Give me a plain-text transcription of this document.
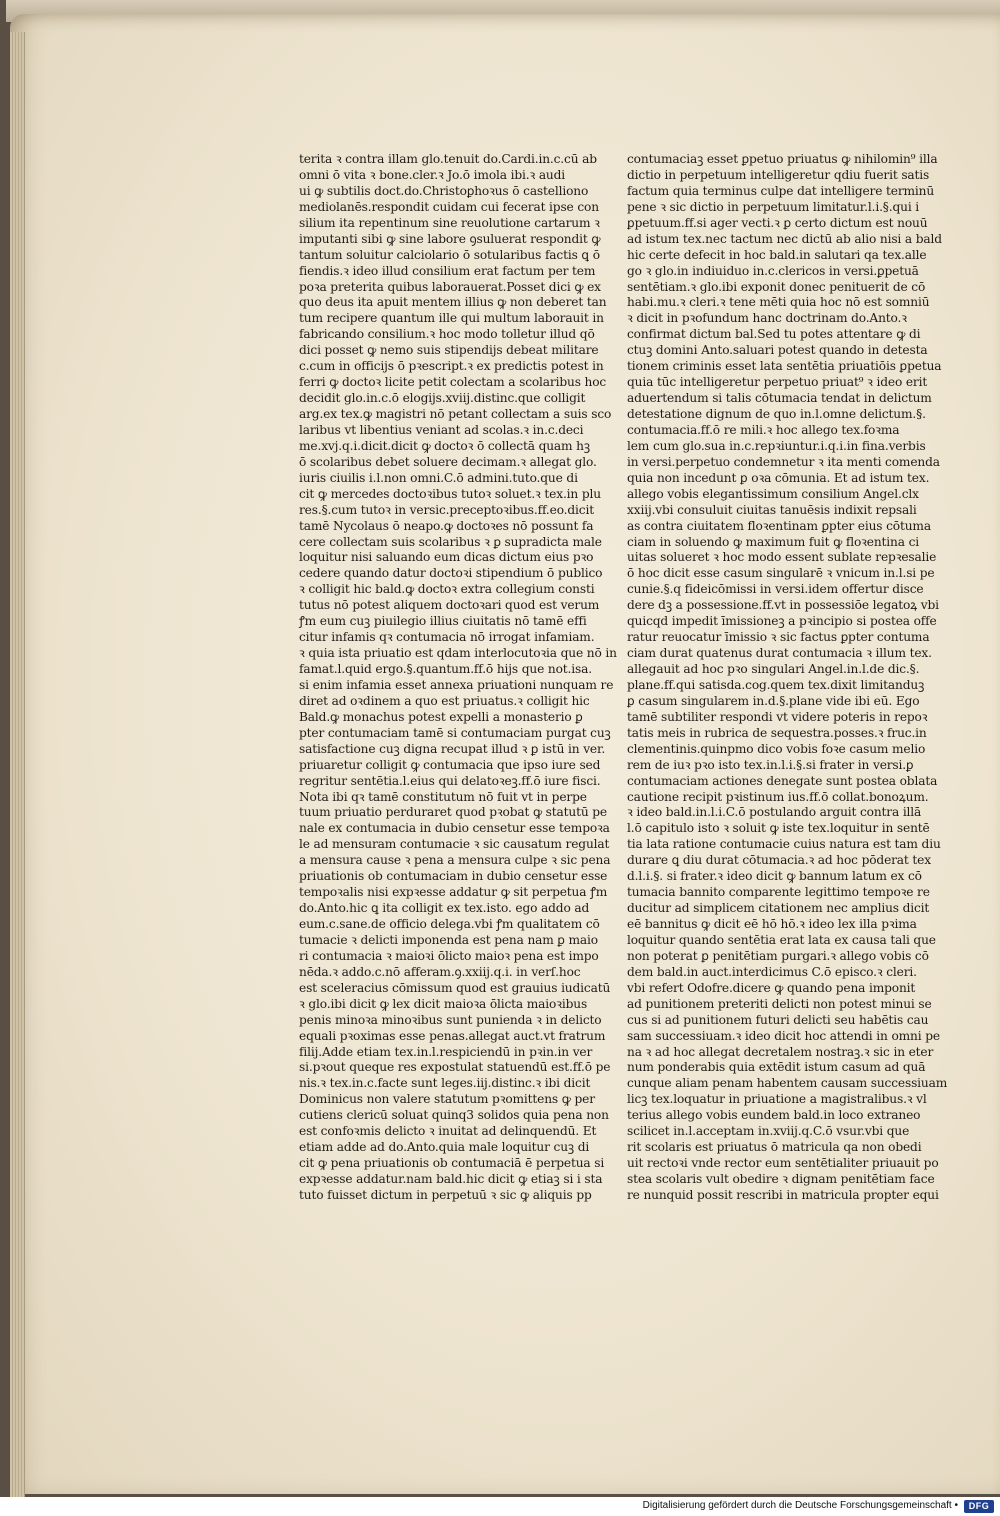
terita ꝛ contra illam glo.tenuit do.Cardi.in.c.cū ab
omni ō vita ꝛ bone.cler.ꝛ Jo.ō imola ibi.ꝛ audi
ui ꝙ subtilis doct.do.Christoꝑhoꝛus ō castelliono
mediolanēs.respondit cuidam cui fecerat ipse con
silium ita repentinum sine reuolutione cartarum ꝛ
imputanti sibi ꝙ sine labore ꝯsuluerat respondit ꝙ
tantum soluitur calciolario ō sotularibus factis ꝗ ō
fiendis.ꝛ ideo illud consilium erat factum per tem
poꝛa preterita quibus laborauerat.Posset dici ꝙ ex
quo deus ita apuit mentem illius ꝙ non deberet tan
tum recipere quantum ille qui multum laborauit in
fabricando consilium.ꝛ hoc modo tolletur illud qō
dici posset ꝙ nemo suis stipendijs debeat militare
c.cum in officijs ō pꝛescript.ꝛ ex predictis potest in
ferri ꝙ doctoꝛ licite petit colectam a scolaribus hoc
decidit glo.in.c.ō elogijs.xviij.distinc.que colligit
arg.ex tex.ꝙ magistri nō petant collectam a suis sco
laribus vt libentius veniant ad scolas.ꝛ in.c.deci
me.xvj.q.i.dicit.dicit ꝙ doctoꝛ ō collectā quam hꝫ
ō scolaribus debet soluere decimam.ꝛ allegat glo.
iuris ciuilis i.l.non omni.C.ō admini.tuto.que di
cit ꝙ mercedes doctoꝛibus tutoꝛ soluet.ꝛ tex.in plu
res.§.cum tutoꝛ in versic.preceptoꝛibus.ff.eo.dicit
tamē Nycolaus ō neapo.ꝙ doctoꝛes nō possunt fa
cere collectam suis scolaribus ꝛ ꝑ supradicta male
loquitur nisi saluando eum dicas dictum eius pꝛo
cedere quando datur doctoꝛi stipendium ō publico
ꝛ colligit hic bald.ꝙ doctoꝛ extra collegium consti
tutus nō potest aliquem doctoꝛari quod est verum
ꝭm eum cuꝫ piuilegio illius ciuitatis nō tamē effi
citur infamis qꝛ contumacia nō irrogat infamiam.
ꝛ quia ista priuatio est qdam interlocutoꝛia que nō in
famat.l.quid ergo.§.quantum.ff.ō hijs que not.isa.
si enim infamia esset annexa priuationi nunquam re
diret ad oꝛdinem a quo est priuatus.ꝛ colligit hic
Bald.ꝙ monachus potest expelli a monasterio ꝑ
pter contumaciam tamē si contumaciam purgat cuꝫ
satisfactione cuꝫ digna recupat illud ꝛ ꝑ istū in ver.
priuaretur colligit ꝙ contumacia que ipso iure sed
regritur sentētia.l.eius qui delatoꝛeꝫ.ff.ō iure fisci.
Nota ibi qꝛ tamē constitutum nō fuit vt in perpe
tuum priuatio perduraret quod pꝛobat ꝙ statutū pe
nale ex contumacia in dubio censetur esse tempoꝛa
le ad mensuram contumacie ꝛ sic causatum regulat
a mensura cause ꝛ pena a mensura culpe ꝛ sic pena
priuationis ob contumaciam in dubio censetur esse
tempoꝛalis nisi expꝛesse addatur ꝙ sit perpetua ꝭm
do.Anto.hic ꝗ ita colligit ex tex.isto. ego addo ad
eum.c.sane.de officio delega.vbi ꝭm qualitatem cō
tumacie ꝛ delicti imponenda est pena nam ꝑ maio
ri contumacia ꝛ maioꝛi ōlicto maioꝛ pena est impo
nēda.ꝛ addo.c.nō afferam.ꝯ.xxiij.q.i. in verſ.hoc
est sceleracius cōmissum quod est grauius iudicatū
ꝛ glo.ibi dicit ꝙ lex dicit maioꝛa ōlicta maioꝛibus
penis minoꝛa minoꝛibus sunt punienda ꝛ in delicto
equali pꝛoximas esse penas.allegat auct.vt fratrum
filij.Adde etiam tex.in.l.respiciendū in pꝛin.in ver
si.pꝛout queque res expostulat statuendū est.ff.ō pe
nis.ꝛ tex.in.c.facte sunt leges.iij.distinc.ꝛ ibi dicit
Dominicus non valere statutum pꝛomittens ꝙ per
cutiens clericū soluat quinq3 solidos quia pena non
est confoꝛmis delicto ꝛ inuitat ad delinquendū. Et
etiam adde ad do.Anto.quia male loquitur cuꝫ di
cit ꝙ pena priuationis ob contumaciā ē perpetua si
expꝛesse addatur.nam bald.hic dicit ꝙ etiaꝫ si i sta
tuto fuisset dictum in perpetuū ꝛ sic ꝙ aliquis pp
contumaciaꝫ esset ꝑpetuo priuatus ꝙ nihilomin⁹ illa
dictio in perpetuum intelligeretur qdiu fuerit satis
factum quia terminus culpe dat intelligere terminū
pene ꝛ sic dictio in perpetuum limitatur.l.i.§.qui i
ꝑpetuum.ff.si ager vecti.ꝛ ꝑ certo dictum est nouū
ad istum tex.nec tactum nec dictū ab alio nisi a bald
hic certe defecit in hoc bald.in salutari qa tex.alle
go ꝛ glo.in indiuiduo in.c.clericos in versi.ꝑpetuā
sentētiam.ꝛ glo.ibi exponit donec penituerit de cō
habi.mu.ꝛ cleri.ꝛ tene mēti quia hoc nō est somniū
ꝛ dicit in pꝛofundum hanc doctrinam do.Anto.ꝛ
confirmat dictum bal.Sed tu potes attentare ꝙ di
ctuꝫ domini Anto.saluari potest quando in detesta
tionem criminis esset lata sentētia priuatiōis ꝑpetua
quia tūc intelligeretur perpetuo priuat⁹ ꝛ ideo erit
aduertendum si talis cōtumacia tendat in delictum
detestatione dignum de quo in.l.omne delictum.§.
contumacia.ff.ō re mili.ꝛ hoc allego tex.foꝛma
lem cum glo.sua in.c.repꝛiuntur.i.q.i.in fina.verbis
in versi.perpetuo condemnetur ꝛ ita menti comenda
quia non incedunt ꝑ oꝛa cōmunia. Et ad istum tex.
allego vobis elegantissimum consilium Angel.clx
xxiij.vbi consuluit ciuitas tanuēsis indixit repsali
as contra ciuitatem floꝛentinam ꝑpter eius cōtuma
ciam in soluendo ꝙ maximum fuit ꝙ floꝛentina ci
uitas solueret ꝛ hoc modo essent sublate repꝛesalie
ō hoc dicit esse casum singularē ꝛ vnicum in.l.si pe
cunie.§.q fideicōmissi in versi.idem offertur disce
dere dꝫ a possessione.ff.vt in possessiōe legatoꝝ vbi
quicqd impedit īmissioneꝫ a pꝛincipio si postea offe
ratur reuocatur īmissio ꝛ sic factus ꝑpter contuma
ciam durat quatenus durat contumacia ꝛ illum tex.
allegauit ad hoc pꝛo singulari Angel.in.l.de dic.§.
plane.ff.qui satisda.cog.quem tex.dixit limitanduꝫ
ꝑ casum singularem in.d.§.plane vide ibi eū. Ego
tamē subtiliter respondi vt videre poteris in repoꝛ
tatis meis in rubrica de sequestra.posses.ꝛ fruc.in
clementinis.quinpmo dico vobis foꝛe casum melio
rem de iuꝛ pꝛo isto tex.in.l.i.§.si frater in versi.ꝑ
contumaciam actiones denegate sunt postea oblata
cautione recipit pꝛistinum ius.ff.ō collat.bonoꝝum.
ꝛ ideo bald.in.l.i.C.ō postulando arguit contra illā
l.ō capitulo isto ꝛ soluit ꝙ iste tex.loquitur in sentē
tia lata ratione contumacie cuius natura est tam diu
durare ꝗ diu durat cōtumacia.ꝛ ad hoc pōderat tex
d.l.i.§. si frater.ꝛ ideo dicit ꝙ bannum latum ex cō
tumacia bannito comparente legittimo tempoꝛe re
ducitur ad simplicem citationem nec amplius dicit
eē bannitus ꝙ dicit eē hō hō.ꝛ ideo lex illa pꝛima
loquitur quando sentētia erat lata ex causa tali que
non poterat ꝑ penitētiam purgari.ꝛ allego vobis cō
dem bald.in auct.interdicimus C.ō episco.ꝛ cleri.
vbi refert Odofre.dicere ꝙ quando pena imponit
ad punitionem preteriti delicti non potest minui se
cus si ad punitionem futuri delicti seu habētis cau
sam successiuam.ꝛ ideo dicit hoc attendi in omni pe
na ꝛ ad hoc allegat decretalem nostraꝫ.ꝛ sic in eter
num ponderabis quia extēdit istum casum ad quā
cunque aliam penam habentem causam successiuam
licꝫ tex.loquatur in priuatione a magistralibus.ꝛ vl
terius allego vobis eundem bald.in loco extraneo
scilicet in.l.acceptam in.xviij.q.C.ō vsur.vbi que
rit scolaris est priuatus ō matricula qa non obedi
uit rectoꝛi vnde rector eum sentētialiter priuauit po
stea scolaris vult obedire ꝛ dignam penitētiam face
re nunquid possit rescribi in matricula propter equi
Digitalisierung gefördert durch die Deutsche Forschungsgemeinschaft •	DFG
